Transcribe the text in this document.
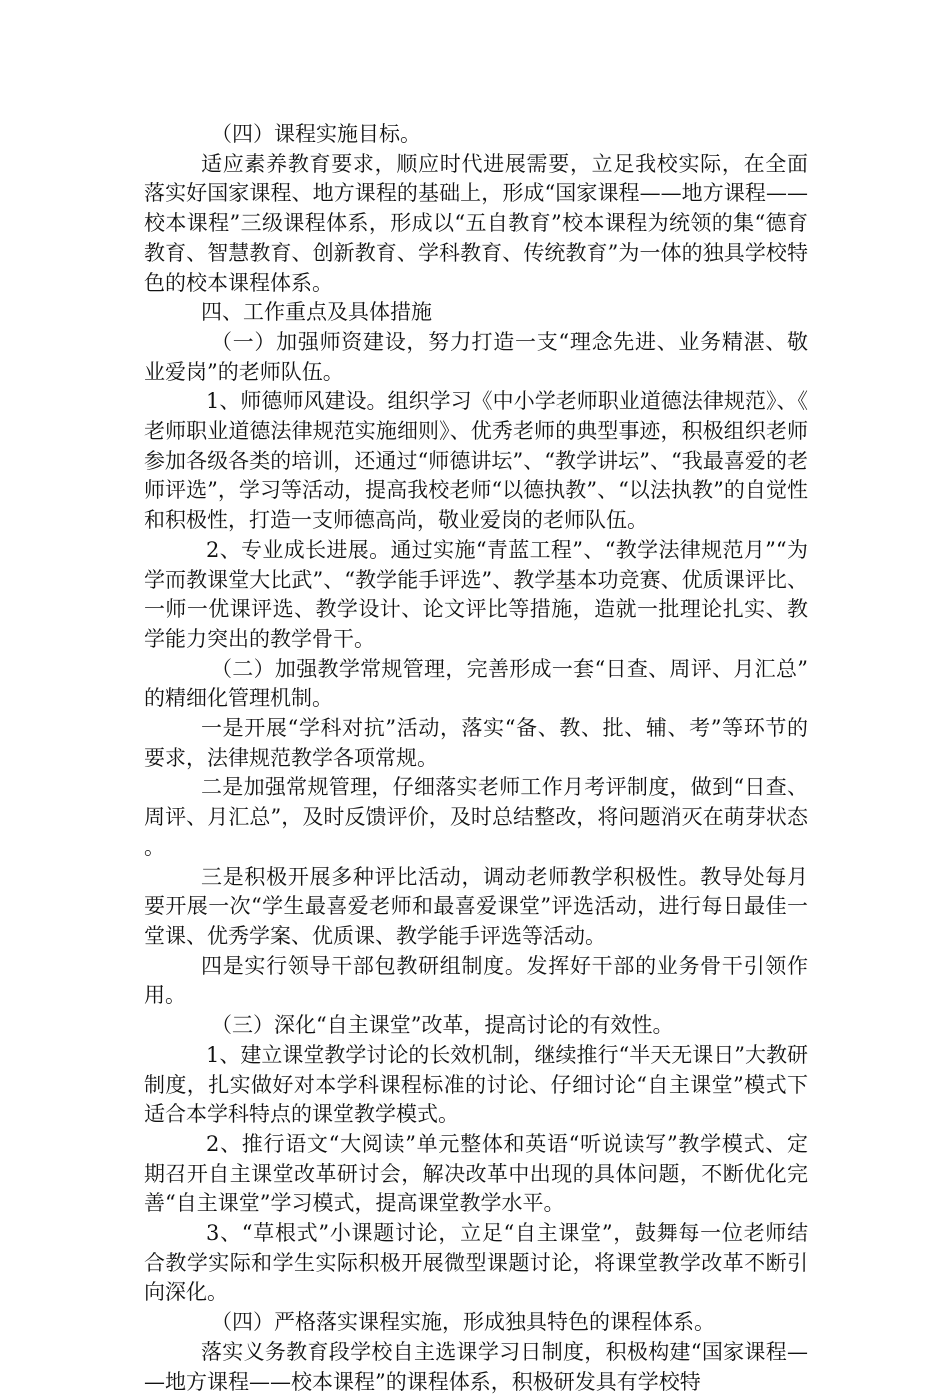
（四）课程实施目标。

适应素养教育要求，顺应时代进展需要，立足我校实际，在全面落实好国家课程、地方课程的基础上，形成“国家课程——地方课程——校本课程”三级课程体系，形成以“五自教育”校本课程为统领的集“德育教育、智慧教育、创新教育、学科教育、传统教育”为一体的独具学校特色的校本课程体系。

四、工作重点及具体措施

（一）加强师资建设，努力打造一支“理念先进、业务精湛、敬业爱岗”的老师队伍。

1、师德师风建设。组织学习《中小学老师职业道德法律规范》、《老师职业道德法律规范实施细则》、优秀老师的典型事迹，积极组织老师参加各级各类的培训，还通过“师德讲坛”、“教学讲坛”、“我最喜爱的老师评选”，学习等活动，提高我校老师“以德执教”、“以法执教”的自觉性和积极性，打造一支师德高尚，敬业爱岗的老师队伍。

2、专业成长进展。通过实施“青蓝工程”、“教学法律规范月”“为学而教课堂大比武”、“教学能手评选”、教学基本功竞赛、优质课评比、一师一优课评选、教学设计、论文评比等措施，造就一批理论扎实、教学能力突出的教学骨干。

（二）加强教学常规管理，完善形成一套“日查、周评、月汇总”的精细化管理机制。

一是开展“学科对抗”活动，落实“备、教、批、辅、考”等环节的要求，法律规范教学各项常规。

二是加强常规管理，仔细落实老师工作月考评制度，做到“日查、周评、月汇总”，及时反馈评价，及时总结整改，将问题消灭在萌芽状态。

三是积极开展多种评比活动，调动老师教学积极性。教导处每月要开展一次“学生最喜爱老师和最喜爱课堂”评选活动，进行每日最佳一堂课、优秀学案、优质课、教学能手评选等活动。

四是实行领导干部包教研组制度。发挥好干部的业务骨干引领作用。

（三）深化“自主课堂”改革，提高讨论的有效性。

1、建立课堂教学讨论的长效机制，继续推行“半天无课日”大教研制度，扎实做好对本学科课程标准的讨论、仔细讨论“自主课堂”模式下适合本学科特点的课堂教学模式。

2、推行语文“大阅读”单元整体和英语“听说读写”教学模式、定期召开自主课堂改革研讨会，解决改革中出现的具体问题，不断优化完善“自主课堂”学习模式，提高课堂教学水平。

3、“草根式”小课题讨论，立足“自主课堂”，鼓舞每一位老师结合教学实际和学生实际积极开展微型课题讨论，将课堂教学改革不断引向深化。

（四）严格落实课程实施，形成独具特色的课程体系。

落实义务教育段学校自主选课学习日制度，积极构建“国家课程——地方课程——校本课程”的课程体系，积极研发具有学校特
